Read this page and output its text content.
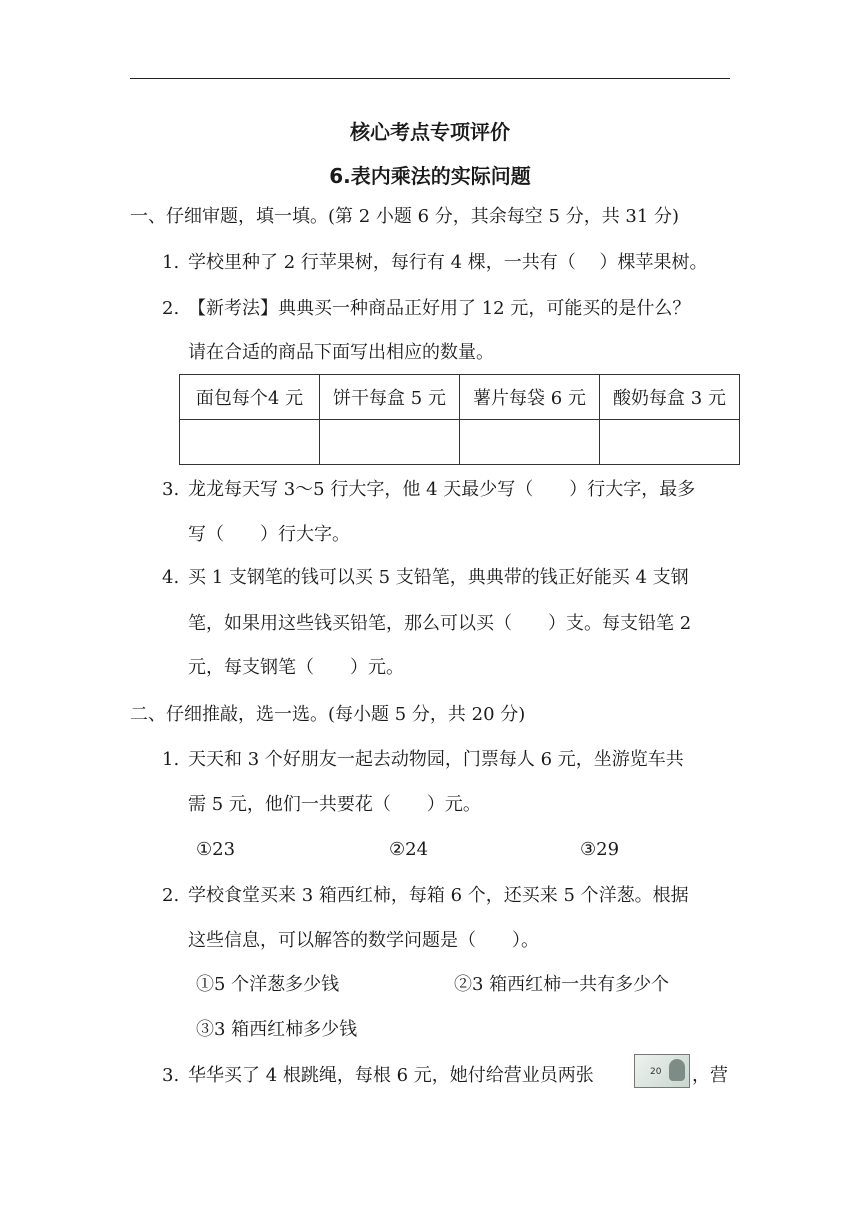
核心考点专项评价
6.表内乘法的实际问题
一、仔细审题，填一填。(第 2 小题 6 分，其余每空 5 分，共 31 分)
1. 学校里种了 2 行苹果树，每行有 4 棵，一共有（　 ）棵苹果树。
2. 【新考法】典典买一种商品正好用了 12 元，可能买的是什么？
请在合适的商品下面写出相应的数量。
面包每个4 元	饼干每盒 5 元	薯片每袋 6 元	酸奶每盒 3 元

3. 龙龙每天写 3～5 行大字，他 4 天最少写（　　）行大字，最多
写（　　）行大字。
4. 买 1 支钢笔的钱可以买 5 支铅笔，典典带的钱正好能买 4 支钢
笔，如果用这些钱买铅笔，那么可以买（　　）支。每支铅笔 2
元，每支钢笔（　　）元。
二、仔细推敲，选一选。(每小题 5 分，共 20 分)
1. 天天和 3 个好朋友一起去动物园，门票每人 6 元，坐游览车共
需 5 元，他们一共要花（　　）元。
①23	②24	③29
2. 学校食堂买来 3 箱西红柿，每箱 6 个，还买来 5 个洋葱。根据
这些信息，可以解答的数学问题是（　　）。
①5 个洋葱多少钱	②3 箱西红柿一共有多少个
③3 箱西红柿多少钱
3. 华华买了 4 根跳绳，每根 6 元，她付给营业员两张	20 ，营
